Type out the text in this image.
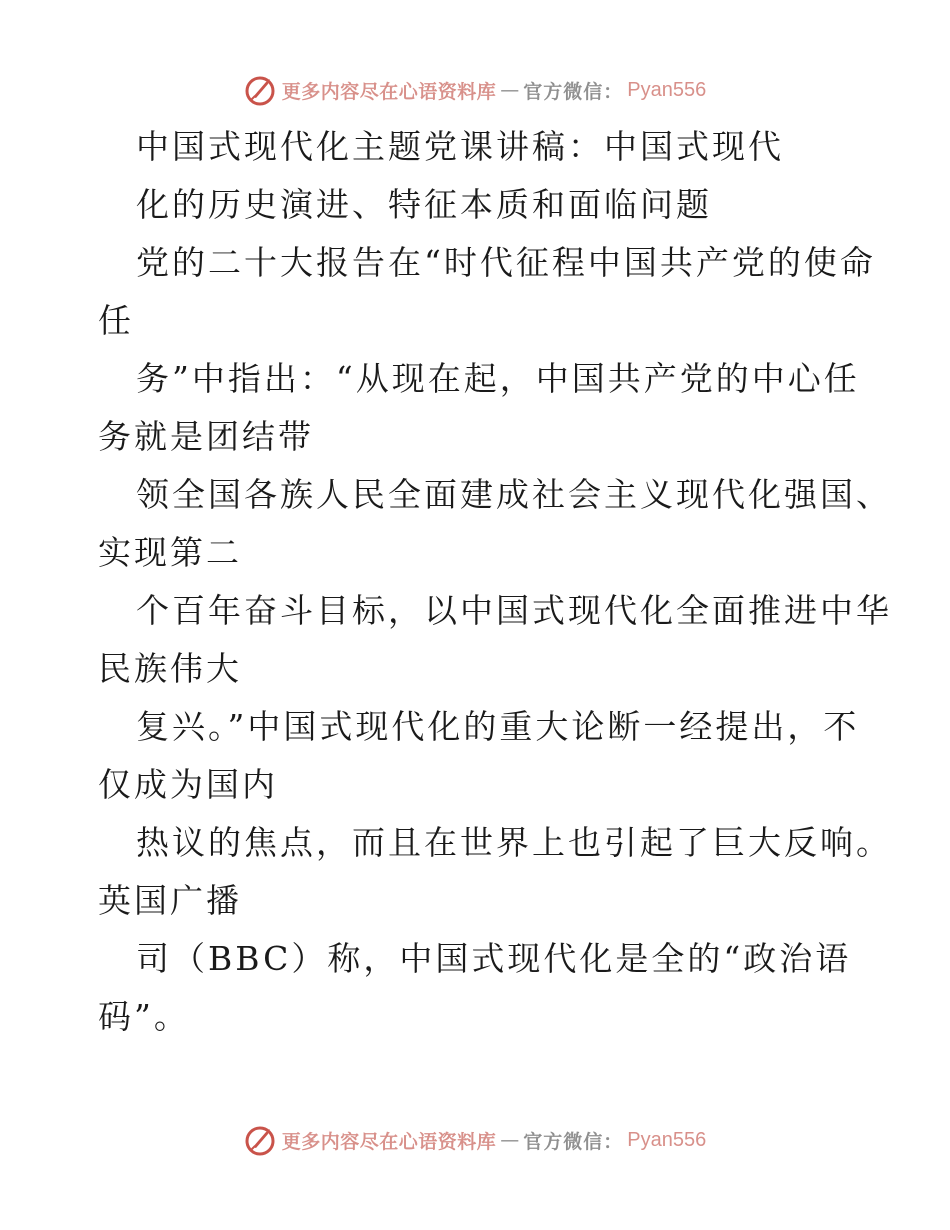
更多内容尽在心语资料库 — 官方微信： Pyan556
中国式现代化主题党课讲稿：中国式现代
化的历史演进、特征本质和面临问题
党的二十大报告在“时代征程中国共产党的使命
任
务”中指出：“从现在起，中国共产党的中心任
务就是团结带
领全国各族人民全面建成社会主义现代化强国、
实现第二
个百年奋斗目标，以中国式现代化全面推进中华
民族伟大
复兴。”中国式现代化的重大论断一经提出，不
仅成为国内
热议的焦点，而且在世界上也引起了巨大反响。
英国广播
司（BBC）称，中国式现代化是全的“政治语
码”。
更多内容尽在心语资料库 — 官方微信： Pyan556
